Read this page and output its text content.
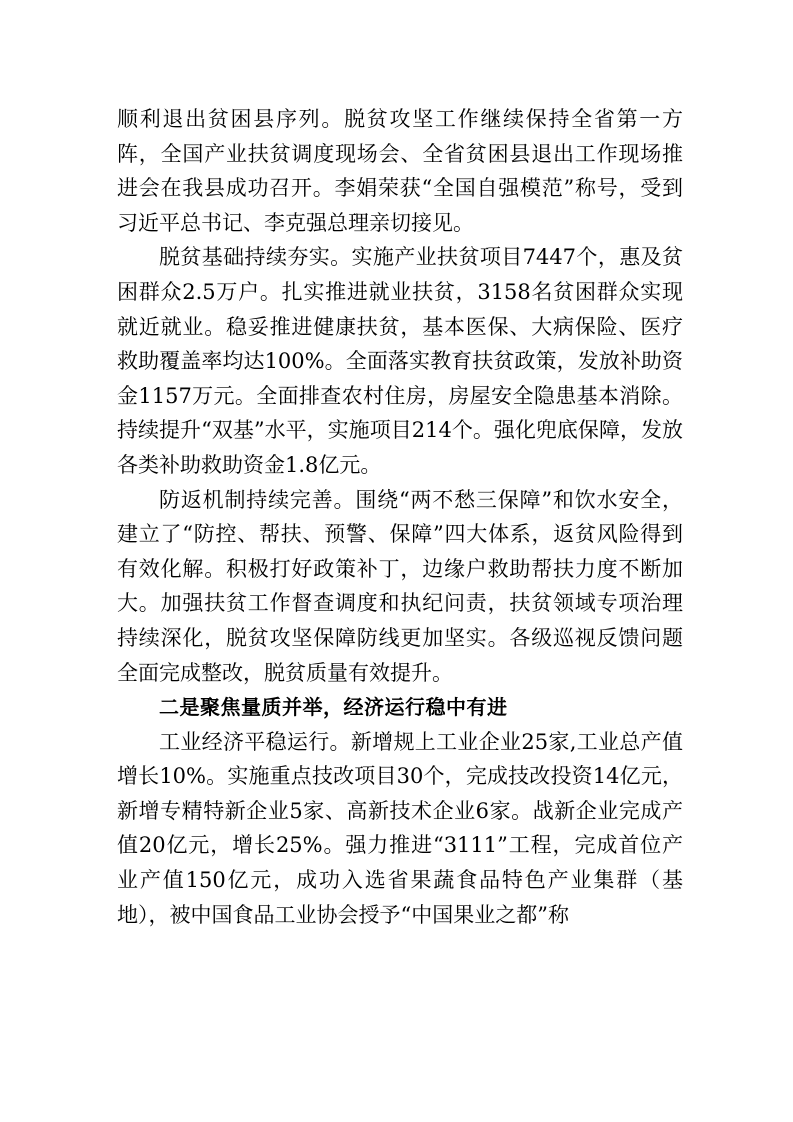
顺利退出贫困县序列。脱贫攻坚工作继续保持全省第一方阵，全国产业扶贫调度现场会、全省贫困县退出工作现场推进会在我县成功召开。李娟荣获“全国自强模范”称号，受到习近平总书记、李克强总理亲切接见。

脱贫基础持续夯实。实施产业扶贫项目7447个，惠及贫困群众2.5万户。扎实推进就业扶贫，3158名贫困群众实现就近就业。稳妥推进健康扶贫，基本医保、大病保险、医疗救助覆盖率均达100%。全面落实教育扶贫政策，发放补助资金1157万元。全面排查农村住房，房屋安全隐患基本消除。持续提升“双基”水平，实施项目214个。强化兜底保障，发放各类补助救助资金1.8亿元。

防返机制持续完善。围绕“两不愁三保障”和饮水安全，建立了“防控、帮扶、预警、保障”四大体系，返贫风险得到有效化解。积极打好政策补丁，边缘户救助帮扶力度不断加大。加强扶贫工作督查调度和执纪问责，扶贫领域专项治理持续深化，脱贫攻坚保障防线更加坚实。各级巡视反馈问题全面完成整改，脱贫质量有效提升。

二是聚焦量质并举，经济运行稳中有进

工业经济平稳运行。新增规上工业企业25家,工业总产值增长10%。实施重点技改项目30个，完成技改投资14亿元，新增专精特新企业5家、高新技术企业6家。战新企业完成产值20亿元，增长25%。强力推进“3111”工程，完成首位产业产值150亿元，成功入选省果蔬食品特色产业集群（基地），被中国食品工业协会授予“中国果业之都”称
